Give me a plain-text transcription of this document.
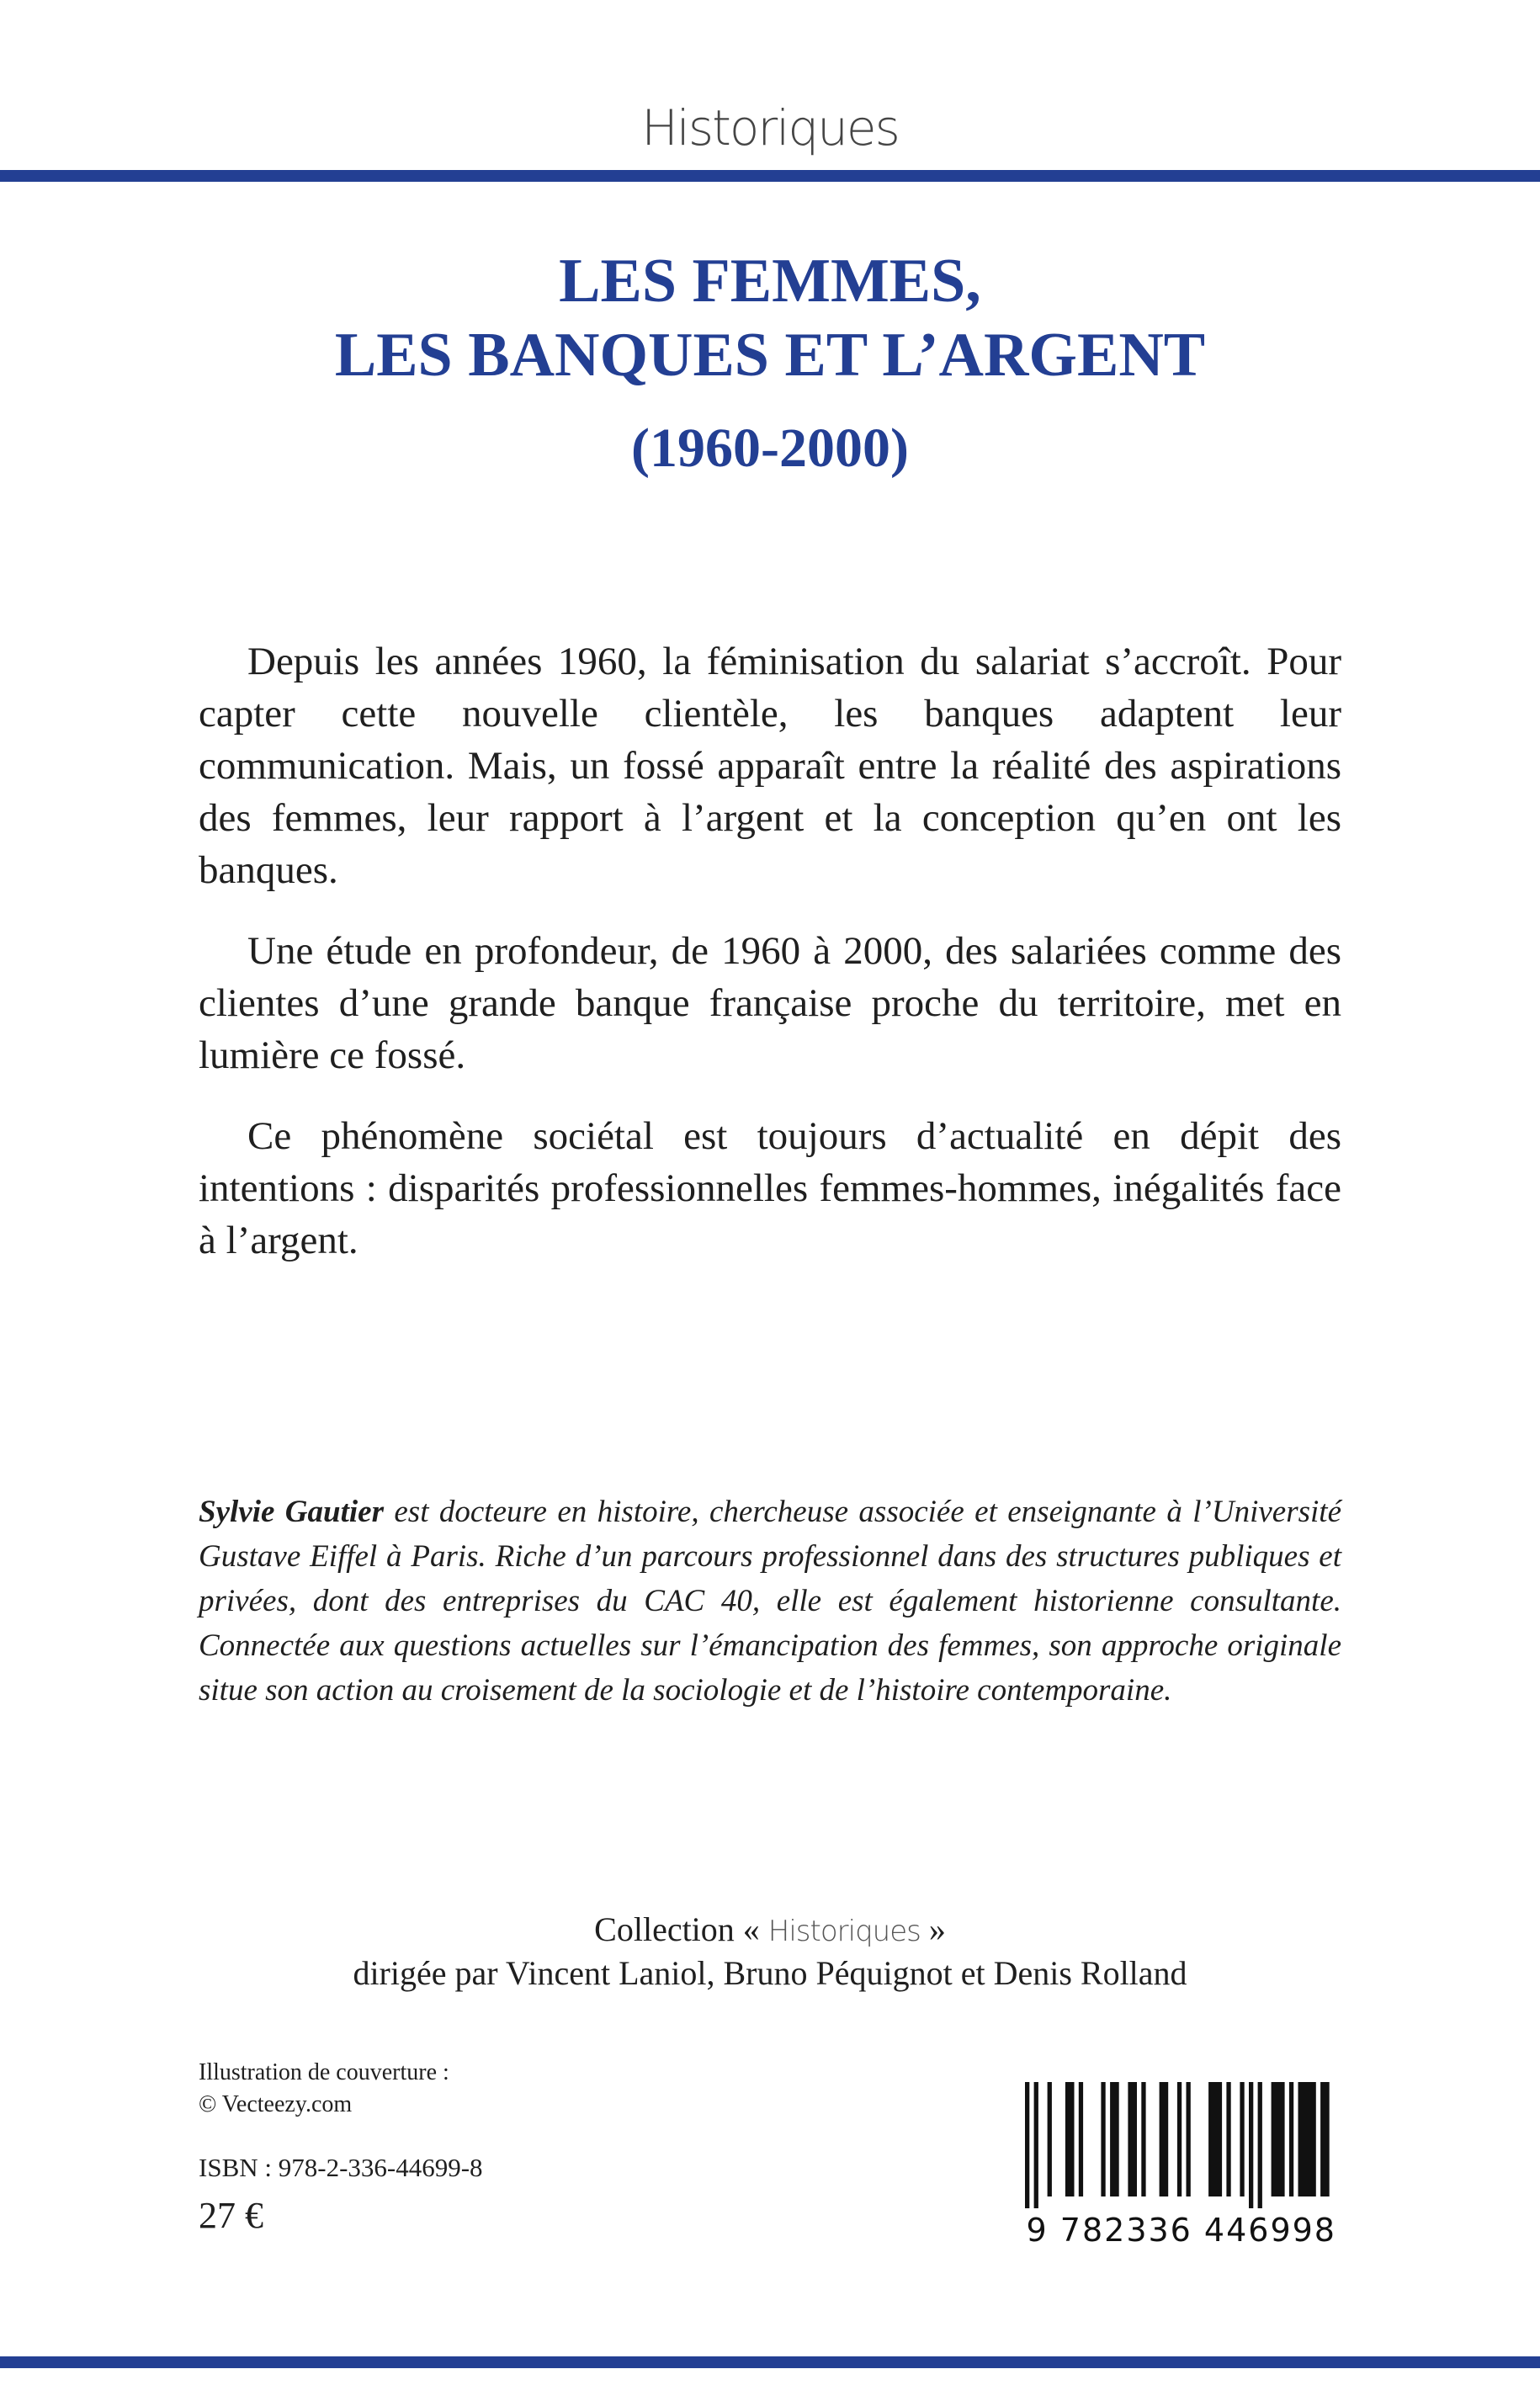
Historiques
LES FEMMES,
LES BANQUES ET L’ARGENT
(1960-2000)

Depuis les années 1960, la féminisation du salariat s’accroît. Pour capter cette nouvelle clientèle, les banques adaptent leur communication. Mais, un fossé apparaît entre la réalité des aspirations des femmes, leur rapport à l’argent et la conception qu’en ont les banques.

Une étude en profondeur, de 1960 à 2000, des salariées comme des clientes d’une grande banque française proche du territoire, met en lumière ce fossé.

Ce phénomène sociétal est toujours d’actualité en dépit des intentions : disparités professionnelles femmes-hommes, inégalités face à l’argent.

Sylvie Gautier est docteure en histoire, chercheuse associée et enseignante à l’Université Gustave Eiffel à Paris. Riche d’un parcours professionnel dans des structures publiques et privées, dont des entreprises du CAC 40, elle est également historienne consultante. Connectée aux questions actuelles sur l’émancipation des femmes, son approche originale situe son action au croisement de la sociologie et de l’histoire contemporaine.
Collection « Historiques »
dirigée par Vincent Laniol, Bruno Péquignot et Denis Rolland
Illustration de couverture :
© Vecteezy.com
ISBN : 978-2-336-44699-8
27 €	9 782336 446998
